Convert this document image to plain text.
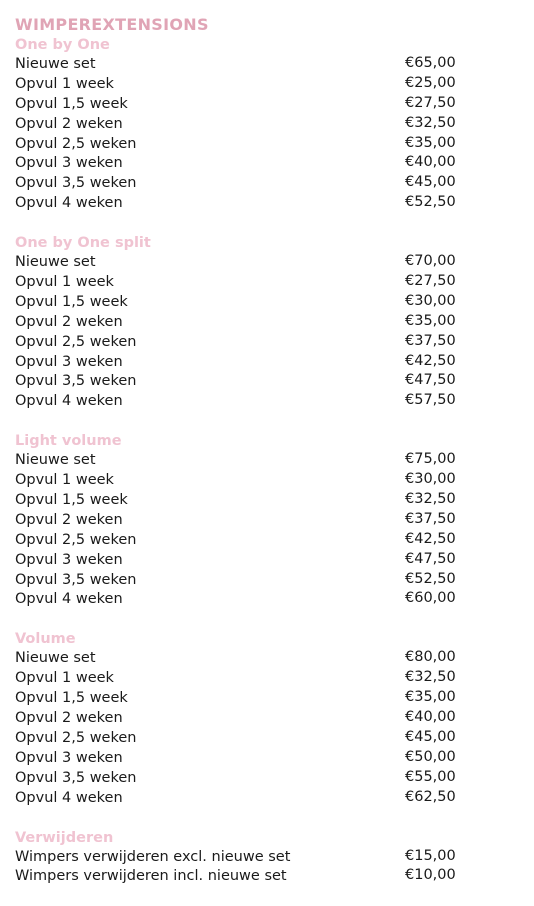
WIMPEREXTENSIONS
One by One
Nieuwe set	€65,00
Opvul 1 week	€25,00
Opvul 1,5 week	€27,50
Opvul 2 weken	€32,50
Opvul 2,5 weken	€35,00
Opvul 3 weken	€40,00
Opvul 3,5 weken	€45,00
Opvul 4 weken	€52,50
One by One split
Nieuwe set	€70,00
Opvul 1 week	€27,50
Opvul 1,5 week	€30,00
Opvul 2 weken	€35,00
Opvul 2,5 weken	€37,50
Opvul 3 weken	€42,50
Opvul 3,5 weken	€47,50
Opvul 4 weken	€57,50
Light volume
Nieuwe set	€75,00
Opvul 1 week	€30,00
Opvul 1,5 week	€32,50
Opvul 2 weken	€37,50
Opvul 2,5 weken	€42,50
Opvul 3 weken	€47,50
Opvul 3,5 weken	€52,50
Opvul 4 weken	€60,00
Volume
Nieuwe set	€80,00
Opvul 1 week	€32,50
Opvul 1,5 week	€35,00
Opvul 2 weken	€40,00
Opvul 2,5 weken	€45,00
Opvul 3 weken	€50,00
Opvul 3,5 weken	€55,00
Opvul 4 weken	€62,50
Verwijderen
Wimpers verwijderen excl. nieuwe set	€15,00
Wimpers verwijderen incl. nieuwe set	€10,00
